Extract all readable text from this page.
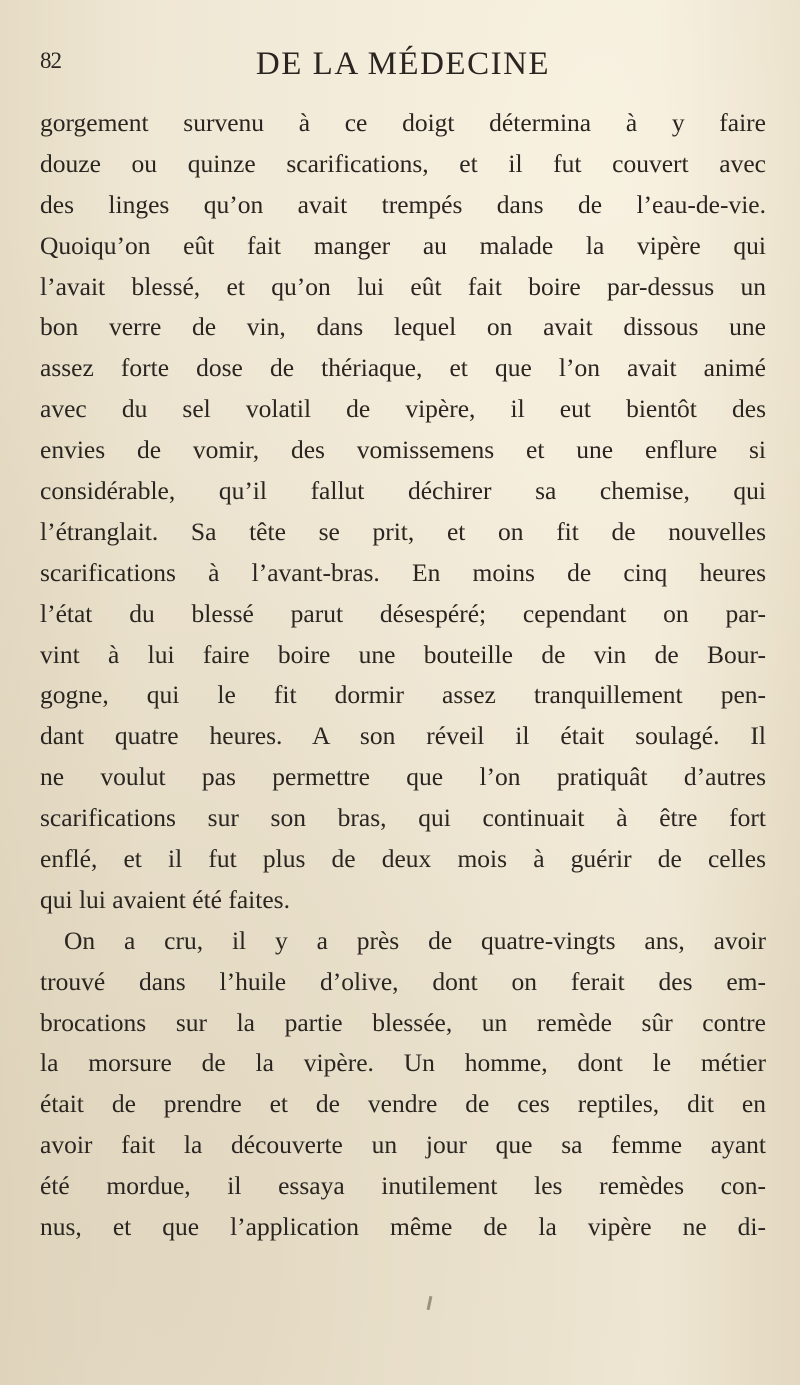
82	DE LA MÉDECINE
gorgement survenu à ce doigt détermina à y faire
douze ou quinze scarifications, et il fut couvert avec
des linges qu’on avait trempés dans de l’eau-de-vie.
Quoiqu’on eût fait manger au malade la vipère qui
l’avait blessé, et qu’on lui eût fait boire par-dessus un
bon verre de vin, dans lequel on avait dissous une
assez forte dose de thériaque, et que l’on avait animé
avec du sel volatil de vipère, il eut bientôt des
envies de vomir, des vomissemens et une enflure si
considérable, qu’il fallut déchirer sa chemise, qui
l’étranglait. Sa tête se prit, et on fit de nouvelles
scarifications à l’avant-bras. En moins de cinq heures
l’état du blessé parut désespéré; cependant on par-
vint à lui faire boire une bouteille de vin de Bour-
gogne, qui le fit dormir assez tranquillement pen-
dant quatre heures. A son réveil il était soulagé. Il
ne voulut pas permettre que l’on pratiquât d’autres
scarifications sur son bras, qui continuait à être fort
enflé, et il fut plus de deux mois à guérir de celles
qui lui avaient été faites.
On a cru, il y a près de quatre-vingts ans, avoir
trouvé dans l’huile d’olive, dont on ferait des em-
brocations sur la partie blessée, un remède sûr contre
la morsure de la vipère. Un homme, dont le métier
était de prendre et de vendre de ces reptiles, dit en
avoir fait la découverte un jour que sa femme ayant
été mordue, il essaya inutilement les remèdes con-
nus, et que l’application même de la vipère ne di-
